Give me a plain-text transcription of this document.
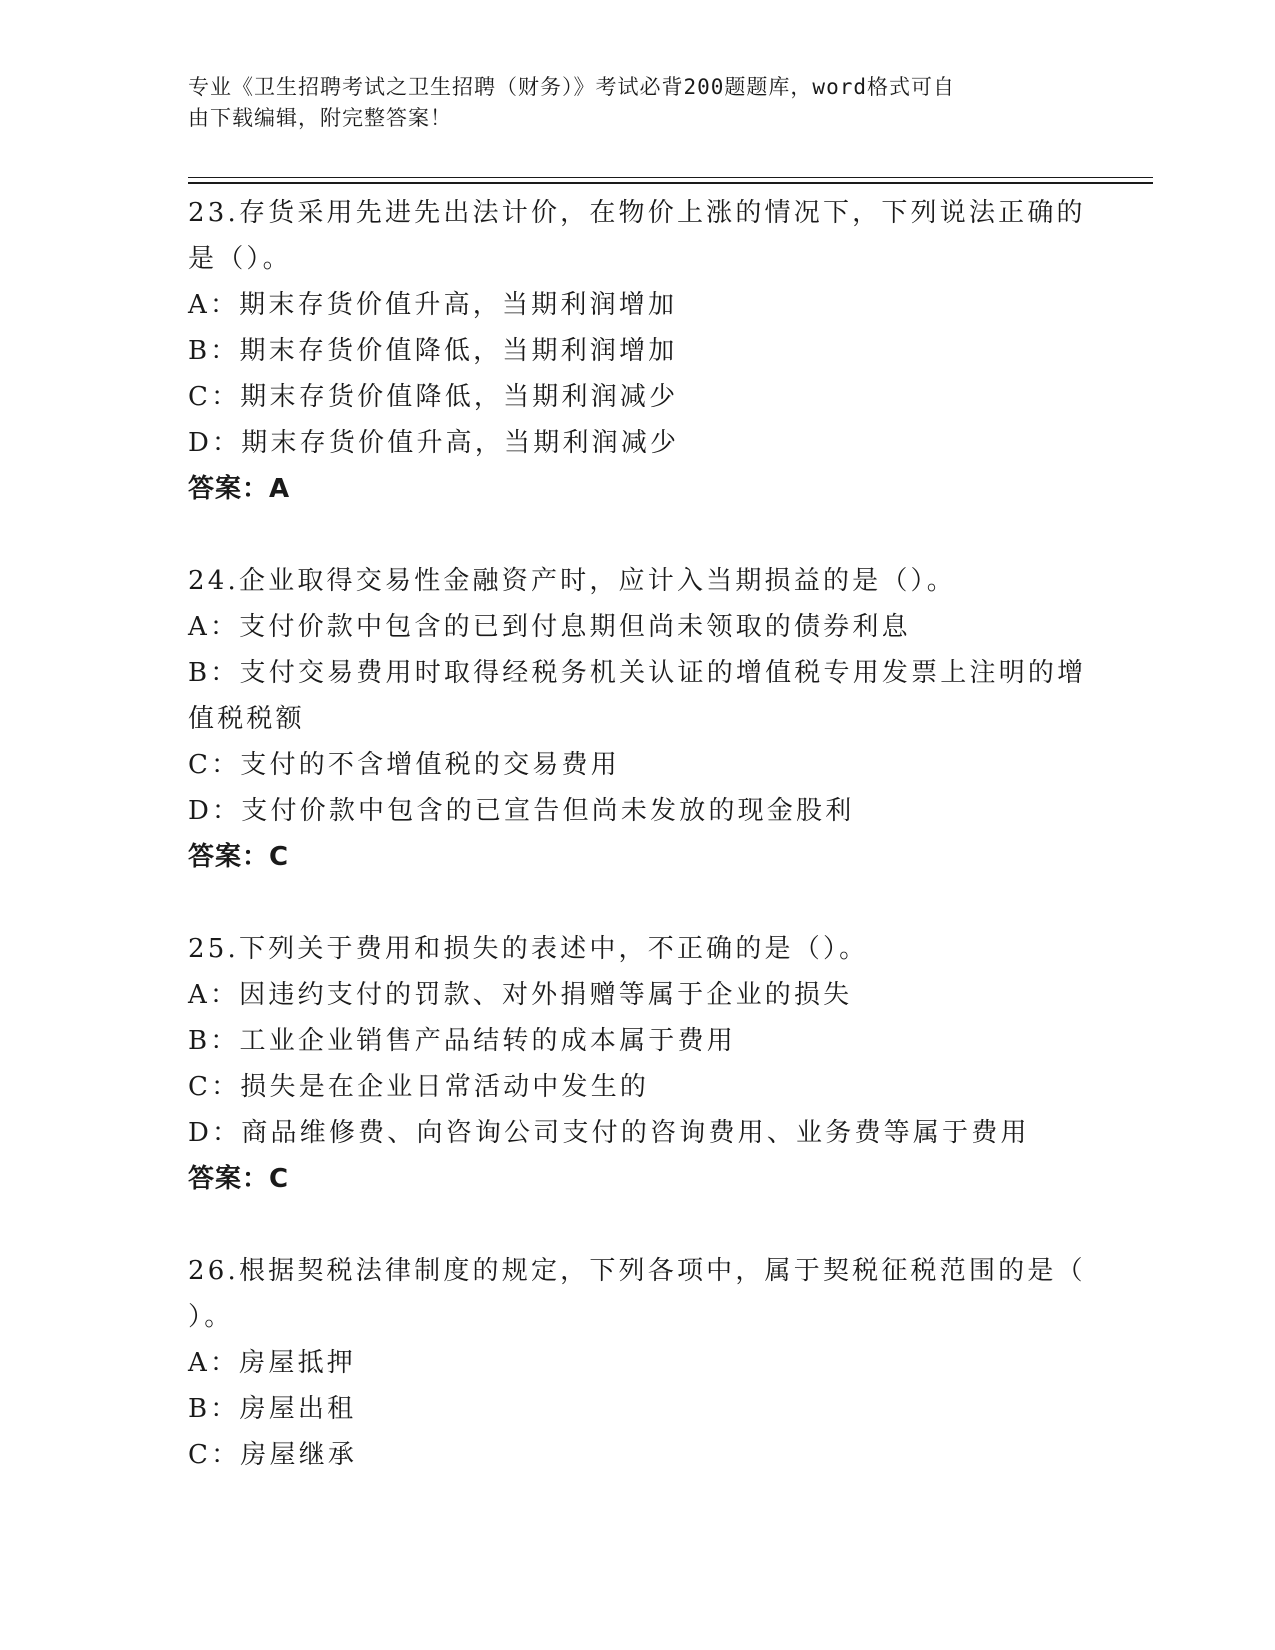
专业《卫生招聘考试之卫生招聘（财务）》考试必背200题题库，word格式可自
由下载编辑，附完整答案！
23.存货采用先进先出法计价，在物价上涨的情况下，下列说法正确的
是（）。
A：期末存货价值升高，当期利润增加
B：期末存货价值降低，当期利润增加
C：期末存货价值降低，当期利润减少
D：期末存货价值升高，当期利润减少
答案：A
24.企业取得交易性金融资产时，应计入当期损益的是（）。
A：支付价款中包含的已到付息期但尚未领取的债券利息
B：支付交易费用时取得经税务机关认证的增值税专用发票上注明的增
值税税额
C：支付的不含增值税的交易费用
D：支付价款中包含的已宣告但尚未发放的现金股利
答案：C
25.下列关于费用和损失的表述中，不正确的是（）。
A：因违约支付的罚款、对外捐赠等属于企业的损失
B：工业企业销售产品结转的成本属于费用
C：损失是在企业日常活动中发生的
D：商品维修费、向咨询公司支付的咨询费用、业务费等属于费用
答案：C
26.根据契税法律制度的规定，下列各项中，属于契税征税范围的是（
）。
A：房屋抵押
B：房屋出租
C：房屋继承
